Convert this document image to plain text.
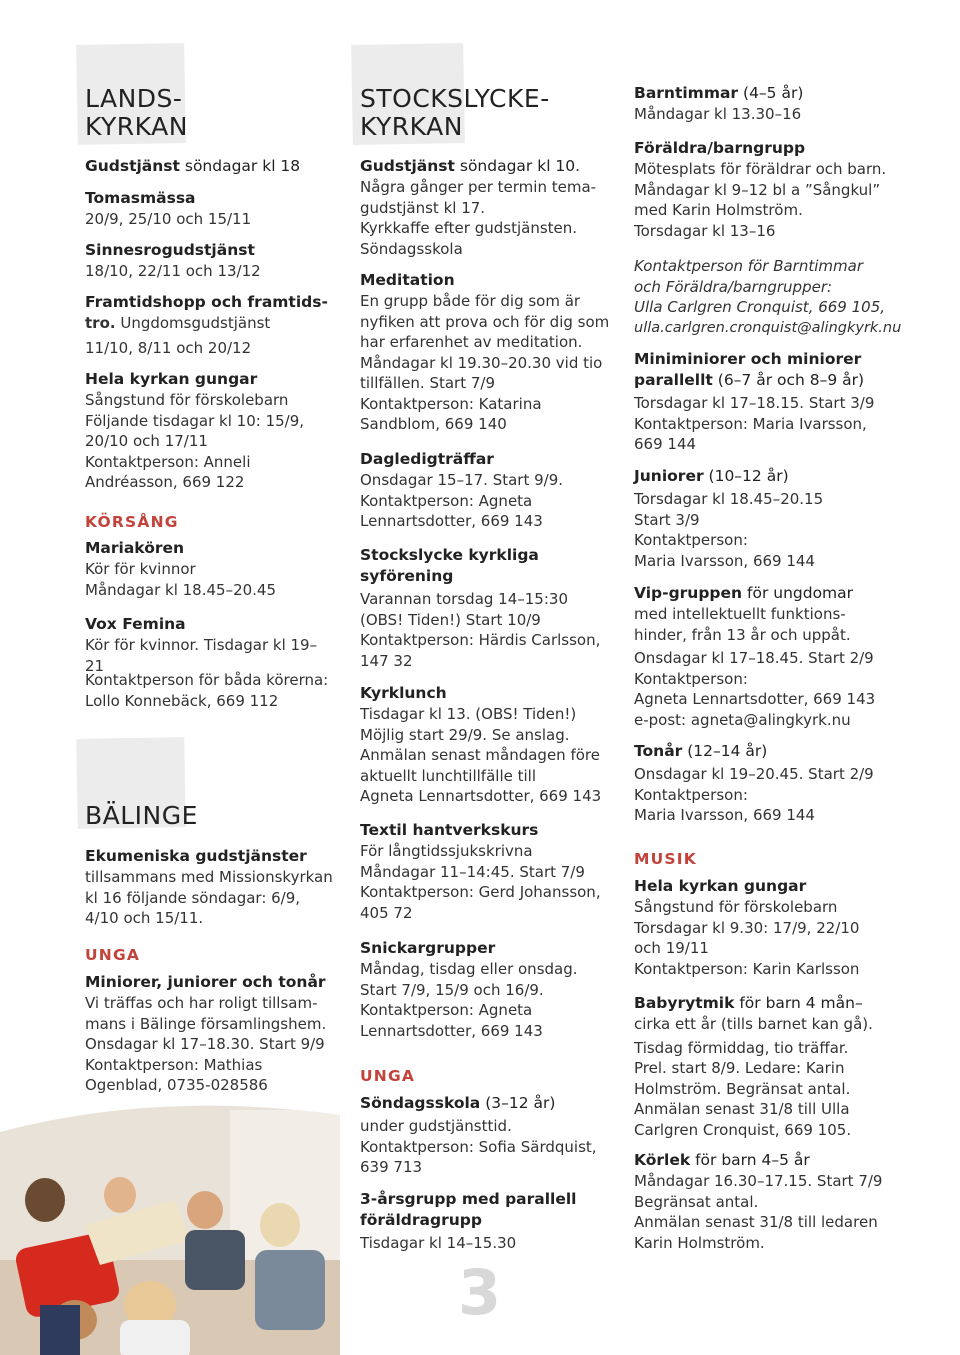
LANDS-
KYRKAN
Gudstjänst söndagar kl 18
Tomasmässa
20/9, 25/10 och 15/11
Sinnesrogudstjänst
18/10, 22/11 och 13/12
Framtidshopp och framtids-
tro. Ungdomsgudstjänst
11/10, 8/11 och 20/12
Hela kyrkan gungar
Sångstund för förskolebarn
Följande tisdagar kl 10: 15/9,
20/10 och 17/11
Kontaktperson: Anneli
Andréasson, 669 122
KÖRSÅNG
Mariakören
Kör för kvinnor
Måndagar kl 18.45–20.45
Vox Femina
Kör för kvinnor. Tisdagar kl 19–21
Kontaktperson för båda körerna:
Lollo Konnebäck, 669 112
BÄLINGE
Ekumeniska gudstjänster
tillsammans med Missionskyrkan
kl 16 följande söndagar: 6/9,
4/10 och 15/11.
UNGA
Miniorer, juniorer och tonår
Vi träffas och har roligt tillsam-
mans i Bälinge församlingshem.
Onsdagar kl 17–18.30. Start 9/9
Kontaktperson: Mathias
Ogenblad, 0735-028586
STOCKSLYCKE-
KYRKAN
Gudstjänst söndagar kl 10.
Några gånger per termin tema-
gudstjänst kl 17.
Kyrkkaffe efter gudstjänsten.
Söndagsskola
Meditation
En grupp både för dig som är
nyfiken att prova och för dig som
har erfarenhet av meditation.
Måndagar kl 19.30–20.30 vid tio
tillfällen. Start 7/9
Kontaktperson: Katarina
Sandblom, 669 140
Dagledigträffar
Onsdagar 15–17. Start 9/9.
Kontaktperson: Agneta
Lennartsdotter, 669 143
Stockslycke kyrkliga
syförening
Varannan torsdag 14–15:30
(OBS! Tiden!) Start 10/9
Kontaktperson: Härdis Carlsson,
147 32
Kyrklunch
Tisdagar kl 13. (OBS! Tiden!)
Möjlig start 29/9. Se anslag.
Anmälan senast måndagen före
aktuellt lunchtillfälle till
Agneta Lennartsdotter, 669 143
Textil hantverkskurs
För långtidssjukskrivna
Måndagar 11–14:45. Start 7/9
Kontaktperson: Gerd Johansson,
405 72
Snickargrupper
Måndag, tisdag eller onsdag.
Start 7/9, 15/9 och 16/9.
Kontaktperson: Agneta
Lennartsdotter, 669 143
UNGA
Söndagsskola (3–12 år)
under gudstjänsttid.
Kontaktperson: Sofia Särdquist,
639 713
3-årsgrupp med parallell
föräldragrupp
Tisdagar kl 14–15.30
3
Barntimmar (4–5 år)
Måndagar kl 13.30–16
Föräldra/barngrupp
Mötesplats för föräldrar och barn.
Måndagar kl 9–12 bl a ”Sångkul”
med Karin Holmström.
Torsdagar kl 13–16
Kontaktperson för Barntimmar
och Föräldra/barngrupper:
Ulla Carlgren Cronquist, 669 105,
ulla.carlgren.cronquist@alingkyrk.nu
Miniminiorer och miniorer
parallellt (6–7 år och 8–9 år)
Torsdagar kl 17–18.15. Start 3/9
Kontaktperson: Maria Ivarsson,
669 144
Juniorer (10–12 år)
Torsdagar kl 18.45–20.15
Start 3/9
Kontaktperson:
Maria Ivarsson, 669 144
Vip-gruppen för ungdomar
med intellektuellt funktions-
hinder, från 13 år och uppåt.
Onsdagar kl 17–18.45. Start 2/9
Kontaktperson:
Agneta Lennartsdotter, 669 143
e-post: agneta@alingkyrk.nu
Tonår (12–14 år)
Onsdagar kl 19–20.45. Start 2/9
Kontaktperson:
Maria Ivarsson, 669 144
MUSIK
Hela kyrkan gungar
Sångstund för förskolebarn
Torsdagar kl 9.30: 17/9, 22/10
och 19/11
Kontaktperson: Karin Karlsson
Babyrytmik för barn 4 mån–
cirka ett år (tills barnet kan gå).
Tisdag förmiddag, tio träffar.
Prel. start 8/9. Ledare: Karin
Holmström. Begränsat antal.
Anmälan senast 31/8 till Ulla
Carlgren Cronquist, 669 105.
Körlek för barn 4–5 år
Måndagar 16.30–17.15. Start 7/9
Begränsat antal.
Anmälan senast 31/8 till ledaren
Karin Holmström.
